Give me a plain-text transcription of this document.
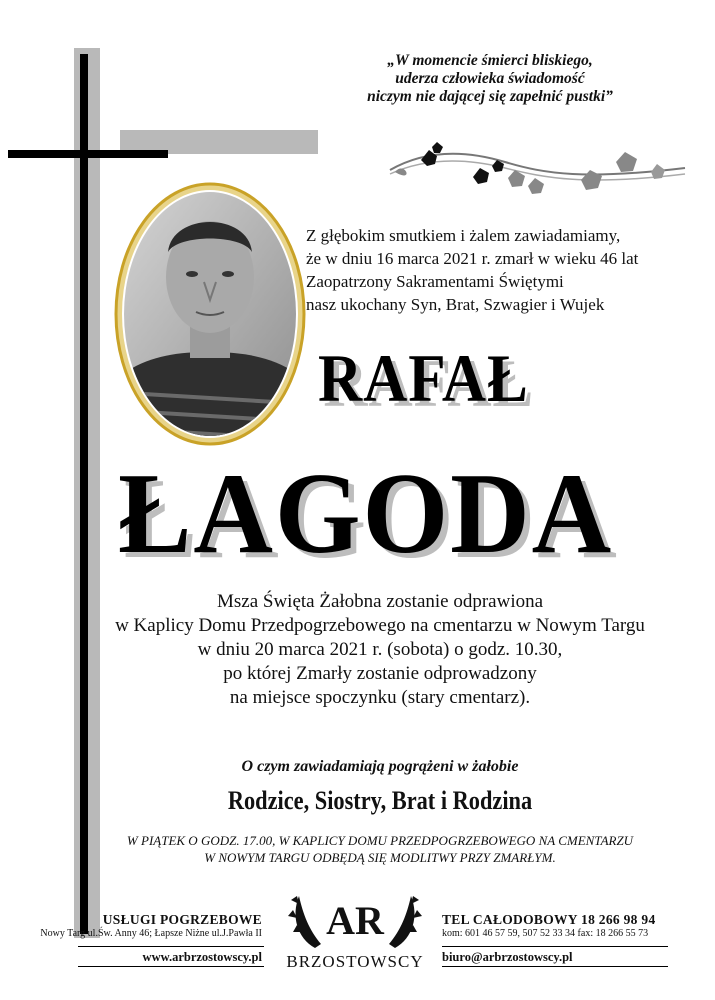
„W momencie śmierci bliskiego,
uderza człowieka świadomość
niczym nie dającej się zapełnić pustki”
Z głębokim smutkiem i żalem zawiadamiamy,
że w dniu 16 marca 2021 r. zmarł w wieku 46 lat
Zaopatrzony Sakramentami Świętymi
nasz ukochany Syn, Brat, Szwagier i Wujek
RAFAŁ
ŁAGODA
Msza Święta Żałobna zostanie odprawiona
w Kaplicy Domu Przedpogrzebowego na cmentarzu w Nowym Targu
w dniu 20 marca 2021 r. (sobota) o godz. 10.30,
po której Zmarły zostanie odprowadzony
na miejsce spoczynku (stary cmentarz).
O czym zawiadamiają pogrążeni w żałobie
Rodzice, Siostry, Brat i Rodzina
W PIĄTEK O GODZ. 17.00, W KAPLICY DOMU PRZEDPOGRZEBOWEGO NA CMENTARZU
W NOWYM TARGU ODBĘDĄ SIĘ MODLITWY PRZY ZMARŁYM.
USŁUGI POGRZEBOWE
Nowy Targ ul.Św. Anny 46; Łapsze Niżne ul.J.Pawła II
www.arbrzostowscy.pl
AR
BRZOSTOWSCY
TEL CAŁODOBOWY 18 266 98 94
kom: 601 46 57 59, 507 52 33 34 fax: 18 266 55 73
biuro@arbrzostowscy.pl
